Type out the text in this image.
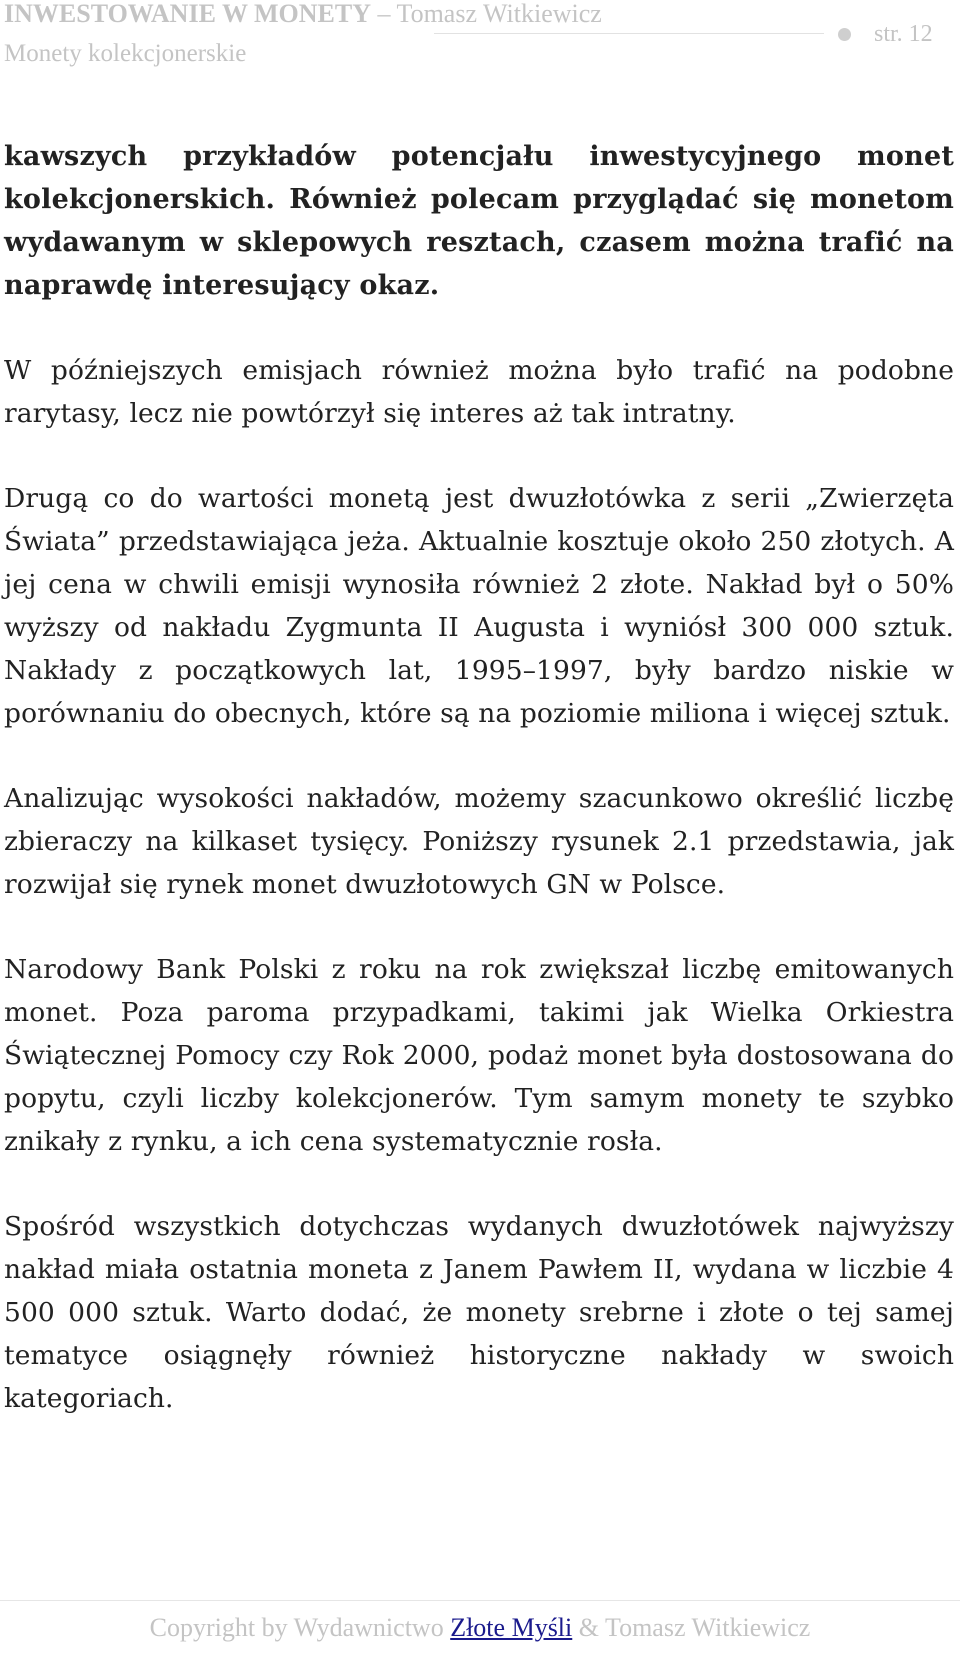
INWESTOWANIE W MONETY – Tomasz Witkiewicz
Monety kolekcjonerskie
str. 12

kawszych przykładów potencjału inwestycyjnego monet kolekcjonerskich. Również polecam przyglądać się monetom wydawanym w sklepowych resztach, czasem można trafić na naprawdę interesujący okaz.

W późniejszych emisjach również można było trafić na podobne rarytasy, lecz nie powtórzył się interes aż tak intratny.

Drugą co do wartości monetą jest dwuzłotówka z serii „Zwierzęta Świata” przedstawiająca jeża. Aktualnie kosztuje około 250 złotych. A jej cena w chwili emisji wynosiła również 2 złote. Nakład był o 50% wyższy od nakładu Zygmunta II Augusta i wyniósł 300 000 sztuk. Nakłady z początkowych lat, 1995–1997, były bardzo niskie w porównaniu do obecnych, które są na poziomie miliona i więcej sztuk.

Analizując wysokości nakładów, możemy szacunkowo określić liczbę zbieraczy na kilkaset tysięcy. Poniższy rysunek 2.1 przedstawia, jak rozwijał się rynek monet dwuzłotowych GN w Polsce.

Narodowy Bank Polski z roku na rok zwiększał liczbę emitowanych monet. Poza paroma przypadkami, takimi jak Wielka Orkiestra Świątecznej Pomocy czy Rok 2000, podaż monet była dostosowana do popytu, czyli liczby kolekcjonerów. Tym samym monety te szybko znikały z rynku, a ich cena systematycznie rosła.

Spośród wszystkich dotychczas wydanych dwuzłotówek najwyższy nakład miała ostatnia moneta z Janem Pawłem II, wydana w liczbie 4 500 000 sztuk. Warto dodać, że monety srebrne i złote o tej samej tematyce osiągnęły również historyczne nakłady w swoich kategoriach.

Copyright by Wydawnictwo Złote Myśli & Tomasz Witkiewicz
